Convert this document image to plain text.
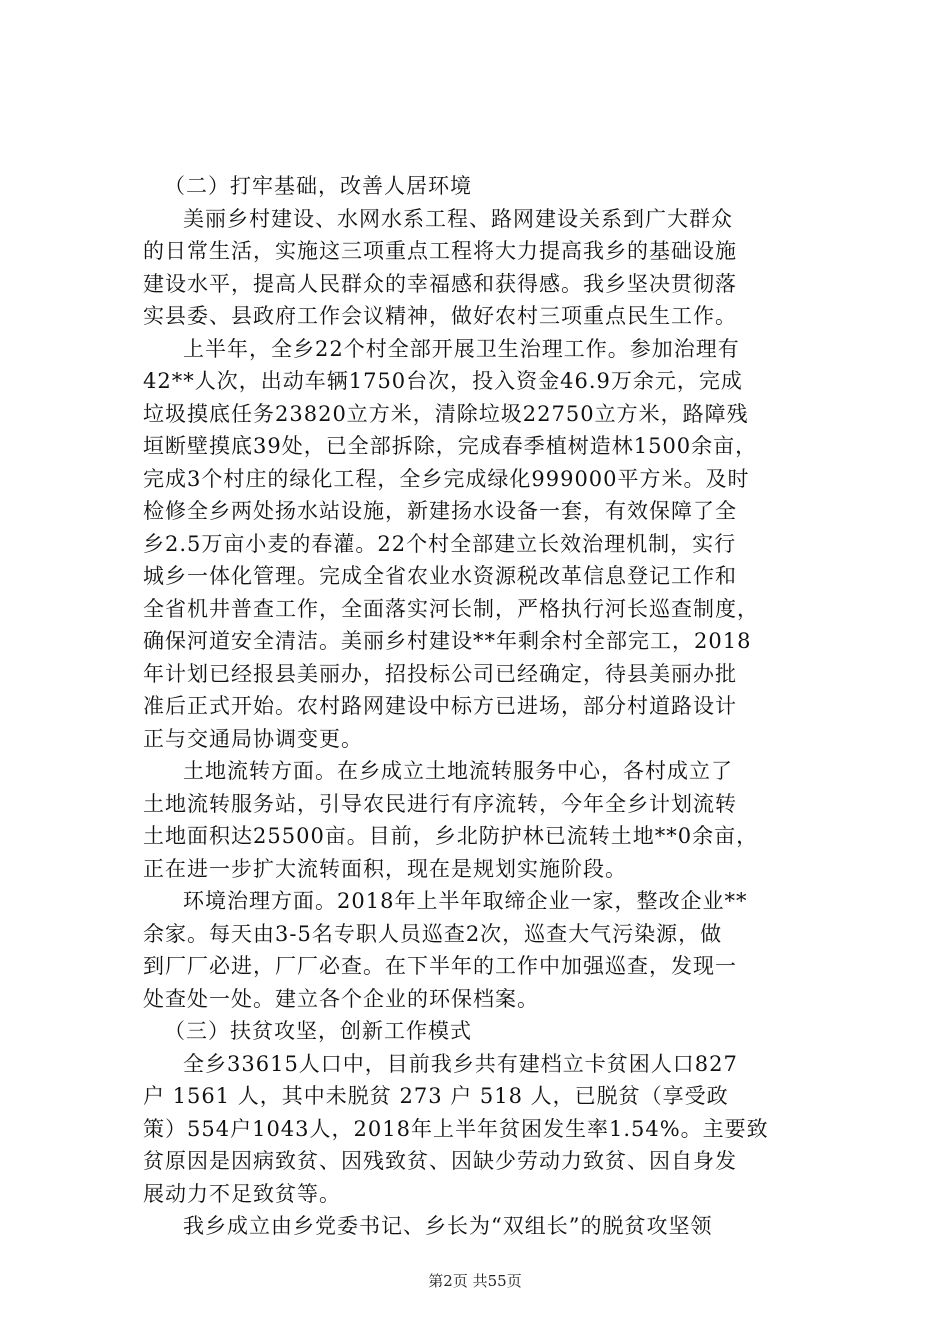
（二）打牢基础，改善人居环境
美丽乡村建设、水网水系工程、路网建设关系到广大群众
的日常生活，实施这三项重点工程将大力提高我乡的基础设施
建设水平，提高人民群众的幸福感和获得感。我乡坚决贯彻落
实县委、县政府工作会议精神，做好农村三项重点民生工作。
上半年，全乡22个村全部开展卫生治理工作。参加治理有
42**人次，出动车辆1750台次，投入资金46.9万余元，完成
垃圾摸底任务23820立方米，清除垃圾22750立方米，路障残
垣断壁摸底39处，已全部拆除，完成春季植树造林1500余亩，
完成3个村庄的绿化工程，全乡完成绿化999000平方米。及时
检修全乡两处扬水站设施，新建扬水设备一套，有效保障了全
乡2.5万亩小麦的春灌。22个村全部建立长效治理机制，实行
城乡一体化管理。完成全省农业水资源税改革信息登记工作和
全省机井普查工作，全面落实河长制，严格执行河长巡查制度，
确保河道安全清洁。美丽乡村建设**年剩余村全部完工，2018
年计划已经报县美丽办，招投标公司已经确定，待县美丽办批
准后正式开始。农村路网建设中标方已进场，部分村道路设计
正与交通局协调变更。
土地流转方面。在乡成立土地流转服务中心，各村成立了
土地流转服务站，引导农民进行有序流转，今年全乡计划流转
土地面积达25500亩。目前，乡北防护林已流转土地**0余亩，
正在进一步扩大流转面积，现在是规划实施阶段。
环境治理方面。2018年上半年取缔企业一家，整改企业**
余家。每天由3-5名专职人员巡查2次，巡查大气污染源，做
到厂厂必进，厂厂必查。在下半年的工作中加强巡查，发现一
处查处一处。建立各个企业的环保档案。
（三）扶贫攻坚，创新工作模式
全乡33615人口中，目前我乡共有建档立卡贫困人口827
户 1561 人，其中未脱贫 273 户 518 人，已脱贫（享受政
策）554户1043人，2018年上半年贫困发生率1.54%。主要致
贫原因是因病致贫、因残致贫、因缺少劳动力致贫、因自身发
展动力不足致贫等。
我乡成立由乡党委书记、乡长为“双组长”的脱贫攻坚领
第2页 共55页
